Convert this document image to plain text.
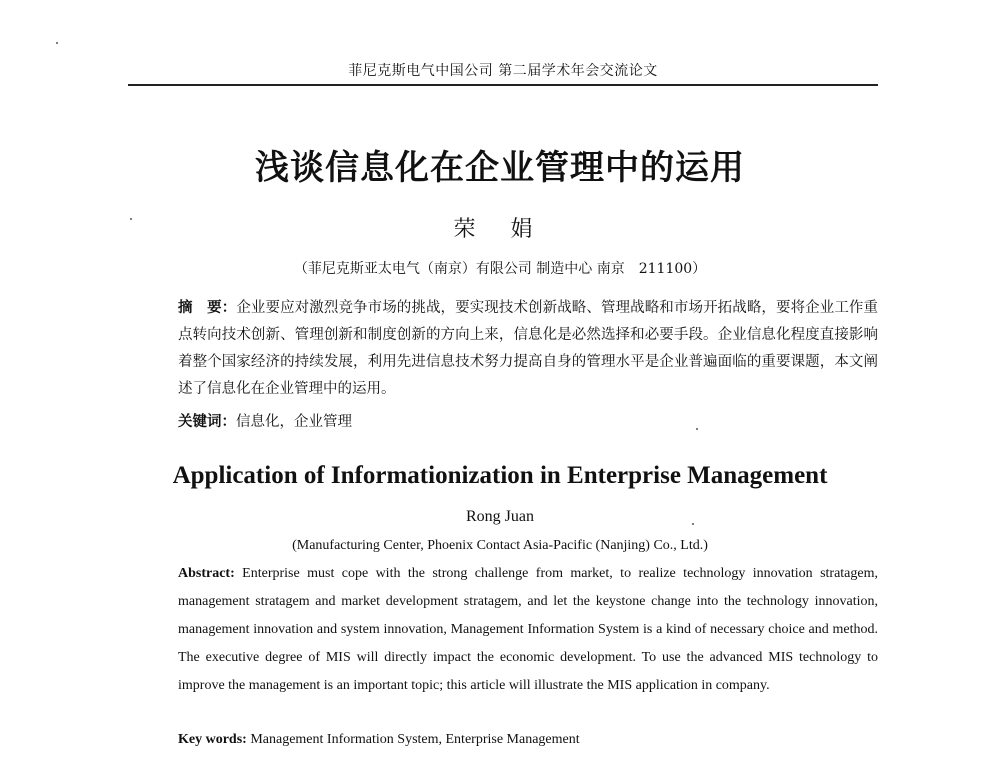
菲尼克斯电气中国公司 第二届学术年会交流论文
浅谈信息化在企业管理中的运用
荣 娟
（菲尼克斯亚太电气（南京）有限公司 制造中心 南京　211100）
摘　要：企业要应对激烈竞争市场的挑战，要实现技术创新战略、管理战略和市场开拓战略，要将企业工作重点转向技术创新、管理创新和制度创新的方向上来，信息化是必然选择和必要手段。企业信息化程度直接影响着整个国家经济的持续发展，利用先进信息技术努力提高自身的管理水平是企业普遍面临的重要课题，本文阐述了信息化在企业管理中的运用。
关键词：信息化，企业管理
Application of Informationization in Enterprise Management
Rong Juan
(Manufacturing Center, Phoenix Contact Asia-Pacific (Nanjing) Co., Ltd.)
Abstract: Enterprise must cope with the strong challenge from market, to realize technology innovation stratagem, management stratagem and market development stratagem, and let the keystone change into the technology innovation, management innovation and system innovation, Management Information System is a kind of necessary choice and method. The executive degree of MIS will directly impact the economic development. To use the advanced MIS technology to improve the management is an important topic; this article will illustrate the MIS application in company.
Key words: Management Information System, Enterprise Management
